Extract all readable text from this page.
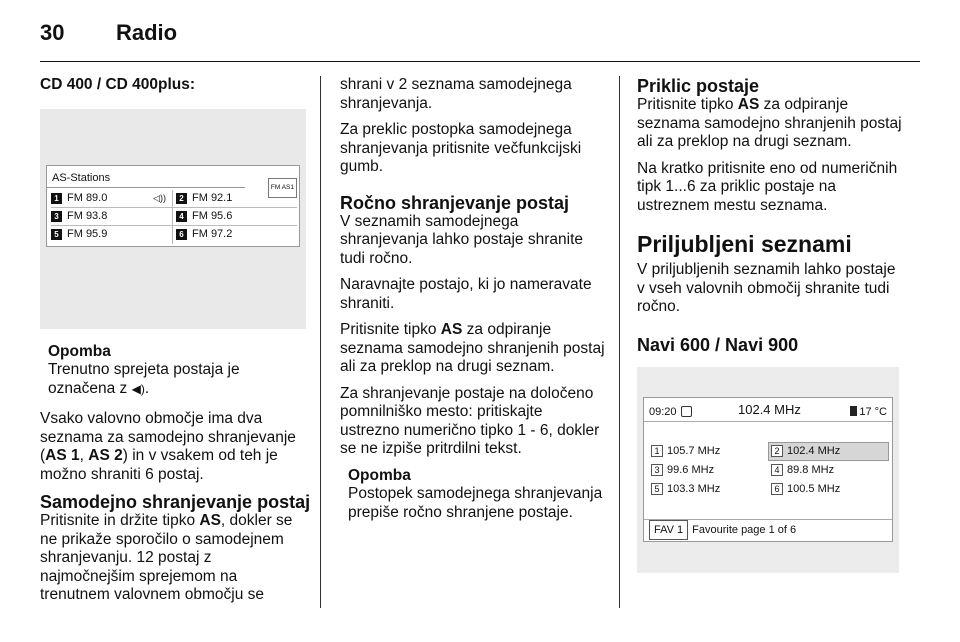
30 Radio
CD 400 / CD 400plus:
AS-Stations
FM AS1
1 FM 89.0	◁))	2 FM 92.1
3 FM 93.8	4 FM 95.6
5 FM 95.9	6 FM 97.2
Opomba
Trenutno sprejeta postaja je
označena z ◀).

Vsako valovno območje ima dva seznama za samodejno shranjevanje (AS 1, AS 2) in v vsakem od teh je možno shraniti 6 postaj.

Samodejno shranjevanje postaj

Pritisnite in držite tipko AS, dokler se ne prikaže sporočilo o samodejnem shranjevanju. 12 postaj z najmočnejšim sprejemom na trenutnem valovnem območju se

shrani v 2 seznama samodejnega shranjevanja.

Za preklic postopka samodejnega shranjevanja pritisnite večfunkcijski gumb.

Ročno shranjevanje postaj

V seznamih samodejnega shranjevanja lahko postaje shranite tudi ročno.

Naravnajte postajo, ki jo nameravate shraniti.

Pritisnite tipko AS za odpiranje seznama samodejno shranjenih postaj ali za preklop na drugi seznam.

Za shranjevanje postaje na določeno pomnilniško mesto: pritiskajte ustrezno numerično tipko 1 - 6, dokler se ne izpiše pritrdilni tekst.

Opomba
Postopek samodejnega shranjevanja prepiše ročno shranjene postaje.
Priklic postaje

Pritisnite tipko AS za odpiranje seznama samodejno shranjenih postaj ali za preklop na drugi seznam.

Na kratko pritisnite eno od numeričnih tipk 1...6 za priklic postaje na ustreznem mestu seznama.

Priljubljeni seznami

V priljubljenih seznamih lahko postaje v vseh valovnih območij shranite tudi ročno.

Navi 600 / Navi 900
09:20	102.4 MHz	17 °C
1 105.7 MHz	2 102.4 MHz
3 99.6 MHz	4 89.8 MHz
5 103.3 MHz	6 100.5 MHz
FAV 1 Favourite page 1 of 6
